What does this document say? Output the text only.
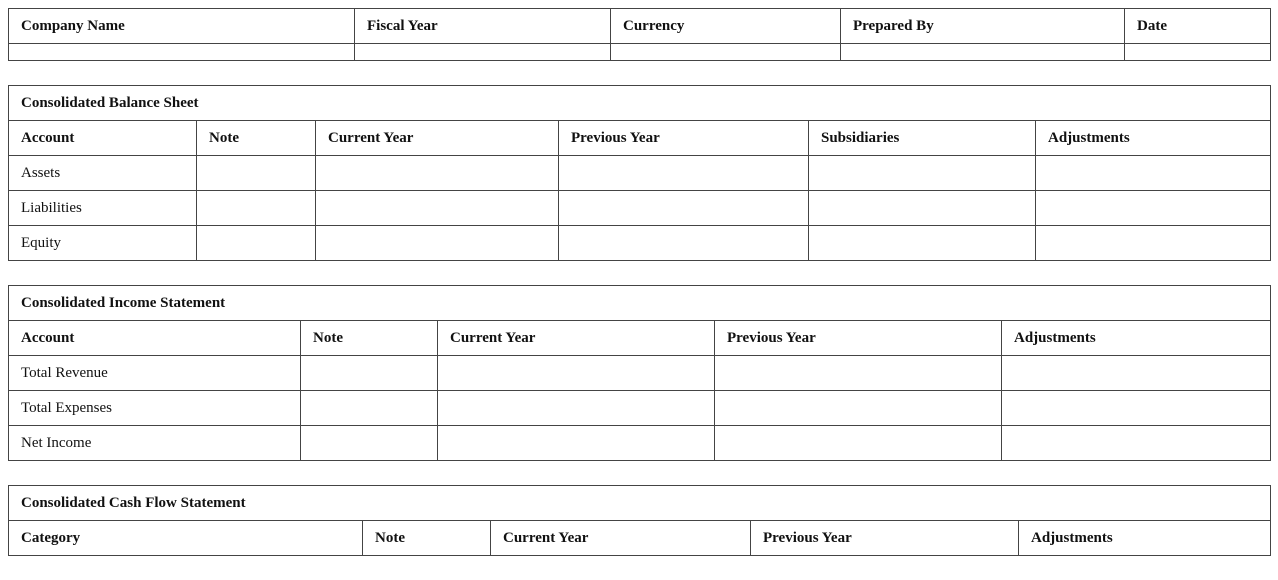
Company Name	Fiscal Year	Currency	Prepared By	Date

Consolidated Balance Sheet					
Account	Note	Current Year	Previous Year	Subsidiaries	Adjustments
Assets					
Liabilities					
Equity					
Consolidated Income Statement				
Account	Note	Current Year	Previous Year	Adjustments
Total Revenue				
Total Expenses				
Net Income				
Consolidated Cash Flow Statement
Category	Note	Current Year	Previous Year	Adjustments
